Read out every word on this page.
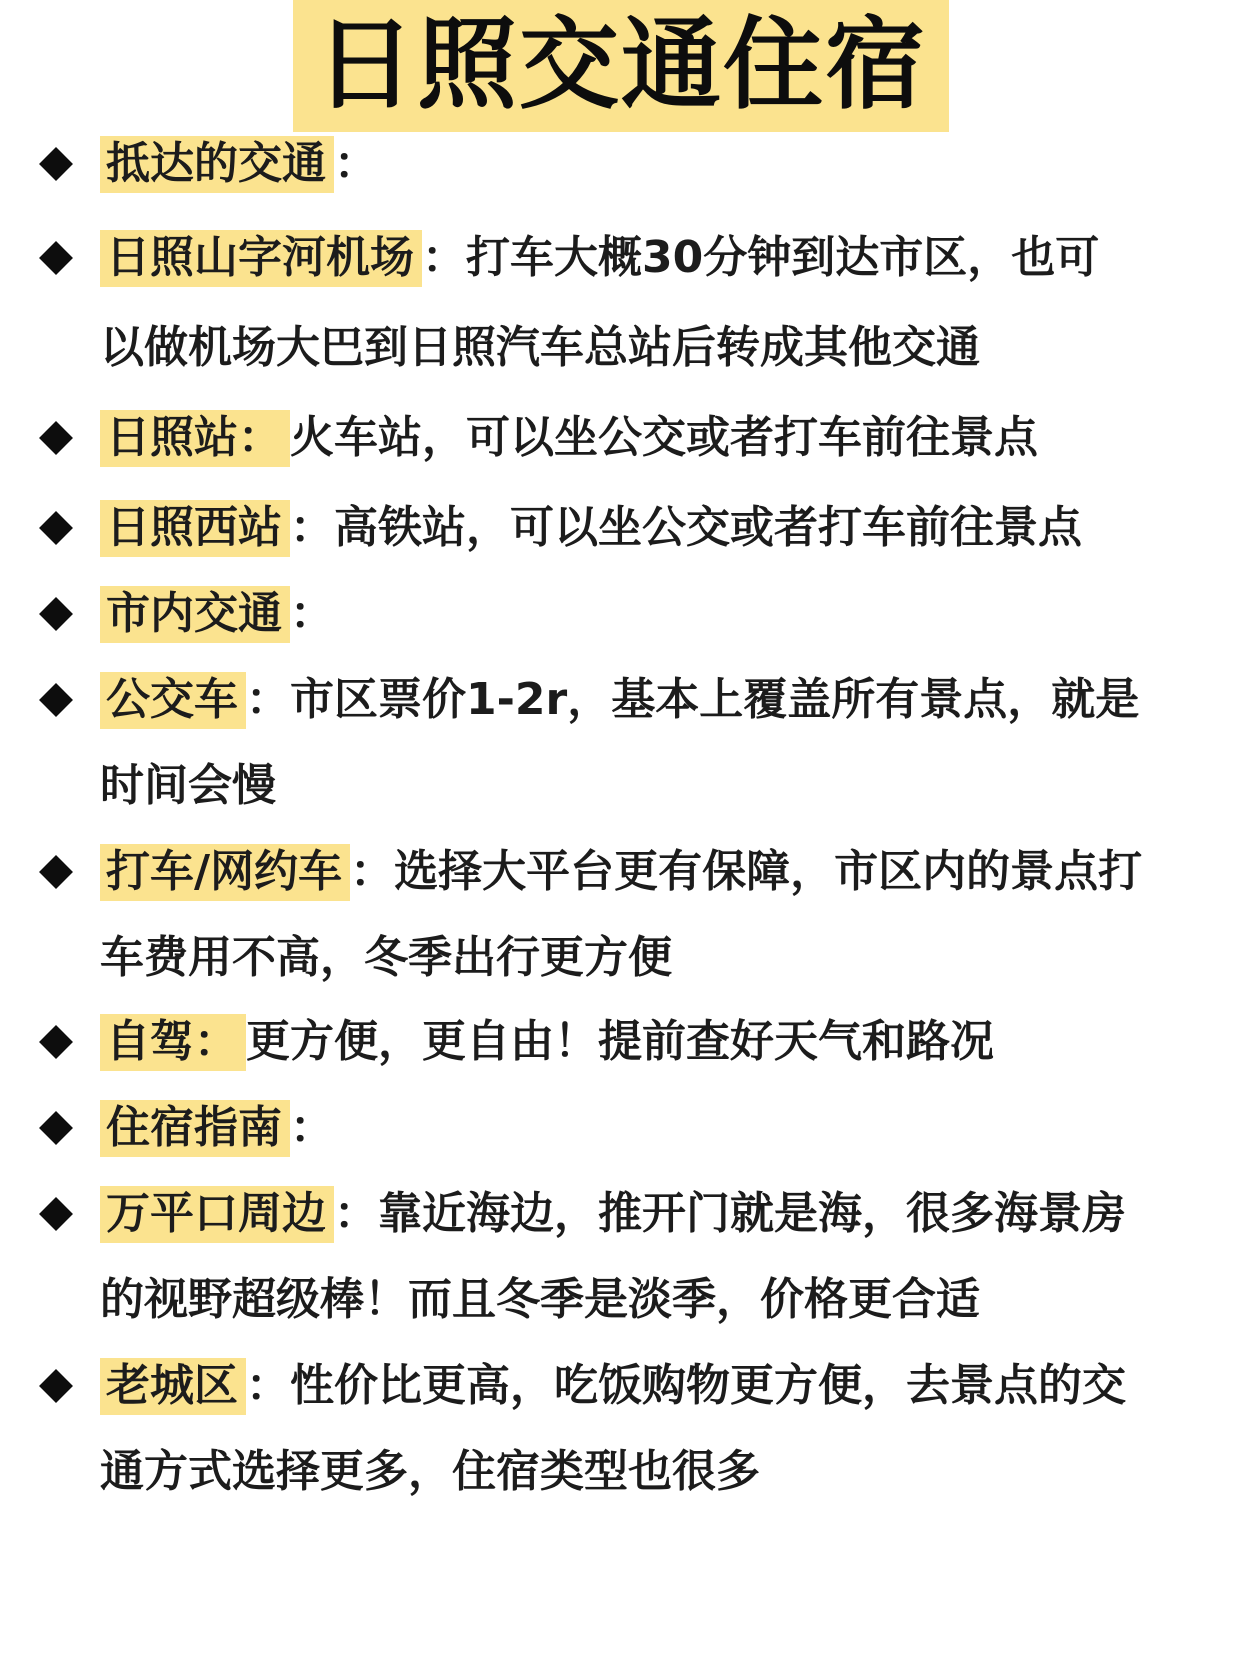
日照交通住宿
抵达的交通 ：
日照山字河机场 ：打车大概30分钟到达市区，也可
以做机场大巴到日照汽车总站后转成其他交通
日照站： 火车站，可以坐公交或者打车前往景点
日照西站 ：高铁站，可以坐公交或者打车前往景点
市内交通 ：
公交车 ：市区票价1-2r，基本上覆盖所有景点，就是
时间会慢
打车/网约车 ：选择大平台更有保障，市区内的景点打
车费用不高，冬季出行更方便
自驾： 更方便，更自由！提前查好天气和路况
住宿指南 ：
万平口周边 ：靠近海边，推开门就是海，很多海景房
的视野超级棒！而且冬季是淡季，价格更合适
老城区 ：性价比更高，吃饭购物更方便，去景点的交
通方式选择更多，住宿类型也很多
